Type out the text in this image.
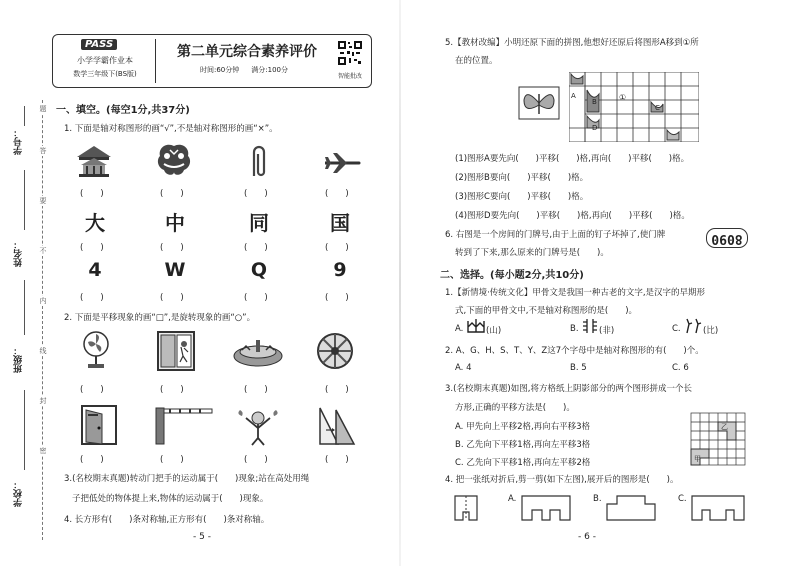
学号：
姓名：
班级：
学校：
题
答
要
不
内
线
封
密
PASS
小学学霸作业本
数学三年级下(BS版)
第二单元综合素养评价
时间:60分钟 满分:100分
智能批改
一、填空。(每空1分,共37分)
1. 下面是轴对称图形的画“√”,不是轴对称图形的画“×”。
(　　)	(　　)	(　　)	(　　)
大	中	同	国
(　　)	(　　)	(　　)	(　　)
4	W	Q	9
(　　)	(　　)	(　　)	(　　)
2. 下面是平移现象的画“□”,是旋转现象的画“○”。
(　　)	(　　)	(　　)	(　　)
(　　)	(　　)	(　　)	(　　)
3.(名校期末真题)转动门把手的运动属于(　　)现象;站在高处用绳
子把低处的物体提上来,物体的运动属于(　　)现象。
4. 长方形有(　　)条对称轴,正方形有(　　)条对称轴。
- 5 -
5.【教材改编】小明还原下面的拼图,他想好还原后将图形A移到①所
在的位置。
A
B
C
D
①
(1)图形A要先向(　　)平移(　　)格,再向(　　)平移(　　)格。
(2)图形B要向(　　)平移(　　)格。
(3)图形C要向(　　)平移(　　)格。
(4)图形D要先向(　　)平移(　　)格,再向(　　)平移(　　)格。
6. 右图是一个房间的门牌号,由于上面的钉子坏掉了,使门牌
转到了下来,那么原来的门牌号是(　　)。
8090
二、选择。(每小题2分,共10分)
1.【新情境·传统文化】甲骨文是我国一种古老的文字,是汉字的早期形
式,下面的甲骨文中,不是轴对称图形的是(　　)。
A.	(山)	B. (非)	C.	(比)
2. A、G、H、S、T、Y、Z这7个字母中是轴对称图形的有(　　)个。
A. 4	B. 5	C. 6
3.(名校期末真题)如图,将方格纸上阴影部分的两个图形拼成一个长
方形,正确的平移方法是(　　)。
A. 甲先向上平移2格,再向右平移3格
B. 乙先向下平移1格,再向左平移3格
C. 乙先向下平移1格,再向左平移2格
乙
甲
4. 把一张纸对折后,剪一剪(如下左图),展开后的图形是(　　)。
A.	B.	C.
- 6 -
